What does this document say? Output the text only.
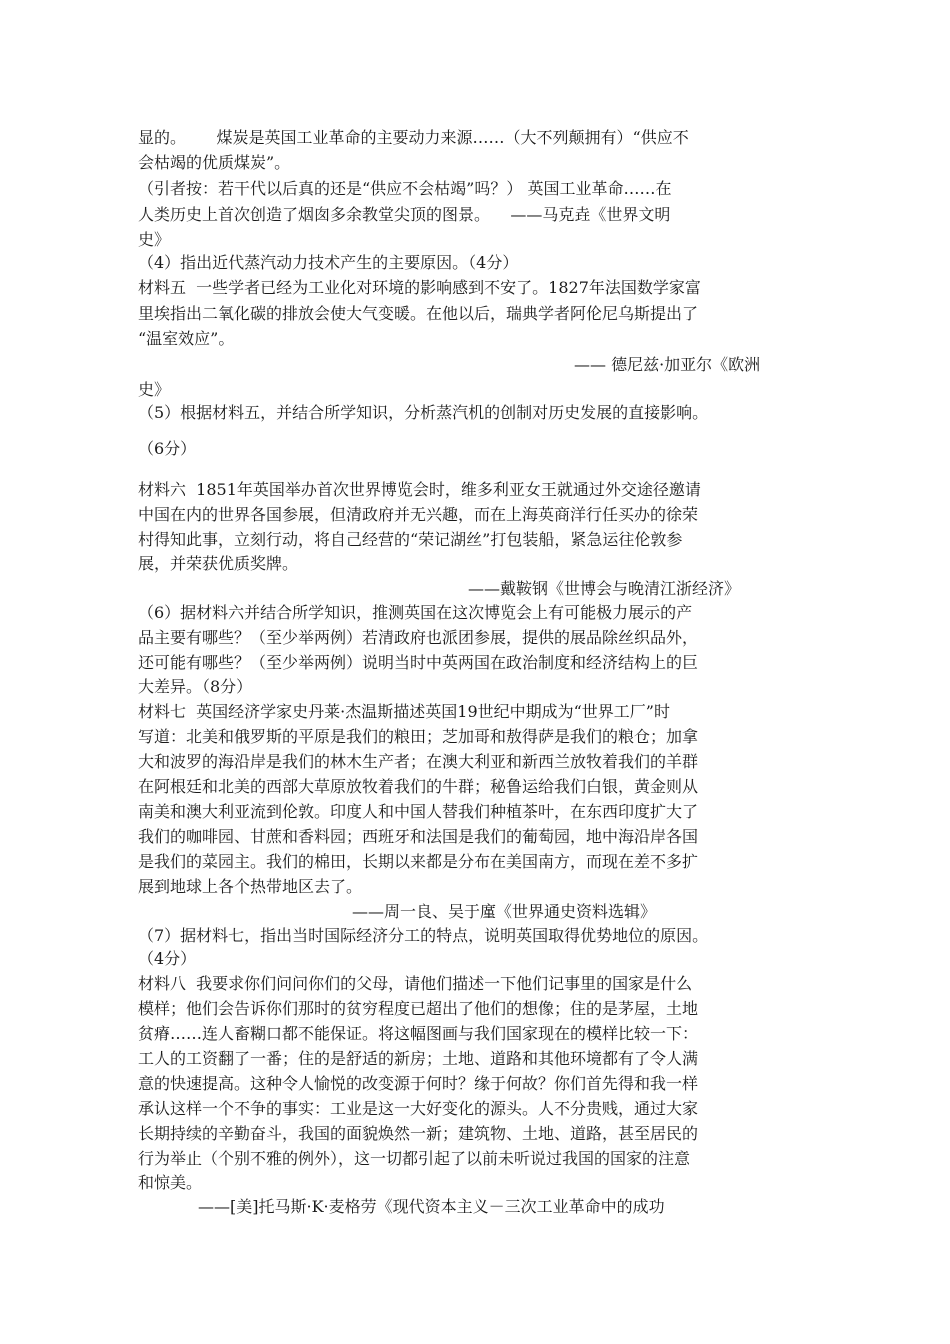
显的。      煤炭是英国工业革命的主要动力来源……（大不列颠拥有）“供应不
会枯竭的优质煤炭”。
（引者按：若干代以后真的还是“供应不会枯竭”吗？） 英国工业革命……在
人类历史上首次创造了烟囱多余教堂尖顶的图景。    ——马克垚《世界文明
史》
（4）指出近代蒸汽动力技术产生的主要原因。（4分）
材料五  一些学者已经为工业化对环境的影响感到不安了。1827年法国数学家富
里埃指出二氧化碳的排放会使大气变暖。在他以后，瑞典学者阿伦尼乌斯提出了
“温室效应”。
—— 德尼兹·加亚尔《欧洲
史》
（5）根据材料五，并结合所学知识，分析蒸汽机的创制对历史发展的直接影响。
（6分）
材料六  1851年英国举办首次世界博览会时，维多利亚女王就通过外交途径邀请
中国在内的世界各国参展，但清政府并无兴趣，而在上海英商洋行任买办的徐荣
村得知此事，立刻行动，将自己经营的“荣记湖丝”打包装船，紧急运往伦敦参
展，并荣获优质奖牌。
——戴鞍钢《世博会与晚清江浙经济》
（6）据材料六并结合所学知识，推测英国在这次博览会上有可能极力展示的产
品主要有哪些？（至少举两例）若清政府也派团参展，提供的展品除丝织品外，
还可能有哪些？（至少举两例）说明当时中英两国在政治制度和经济结构上的巨
大差异。（8分）
材料七  英国经济学家史丹莱·杰温斯描述英国19世纪中期成为“世界工厂”时
写道：北美和俄罗斯的平原是我们的粮田；芝加哥和敖得萨是我们的粮仓；加拿
大和波罗的海沿岸是我们的林木生产者；在澳大利亚和新西兰放牧着我们的羊群
在阿根廷和北美的西部大草原放牧着我们的牛群；秘鲁运给我们白银，黄金则从
南美和澳大利亚流到伦敦。印度人和中国人替我们种植茶叶，在东西印度扩大了
我们的咖啡园、甘蔗和香料园；西班牙和法国是我们的葡萄园，地中海沿岸各国
是我们的菜园主。我们的棉田，长期以来都是分布在美国南方，而现在差不多扩
展到地球上各个热带地区去了。
——周一良、吴于廑《世界通史资料选辑》
（7）据材料七，指出当时国际经济分工的特点，说明英国取得优势地位的原因。
（4分）
材料八  我要求你们问问你们的父母，请他们描述一下他们记事里的国家是什么
模样；他们会告诉你们那时的贫穷程度已超出了他们的想像；住的是茅屋，土地
贫瘠……连人畜糊口都不能保证。将这幅图画与我们国家现在的模样比较一下：
工人的工资翻了一番；住的是舒适的新房；土地、道路和其他环境都有了令人满
意的快速提高。这种令人愉悦的改变源于何时？缘于何故？你们首先得和我一样
承认这样一个不争的事实：工业是这一大好变化的源头。人不分贵贱，通过大家
长期持续的辛勤奋斗，我国的面貌焕然一新；建筑物、土地、道路，甚至居民的
行为举止（个别不雅的例外），这一切都引起了以前未听说过我国的国家的注意
和惊美。
——[美]托马斯·K·麦格劳《现代资本主义－三次工业革命中的成功
